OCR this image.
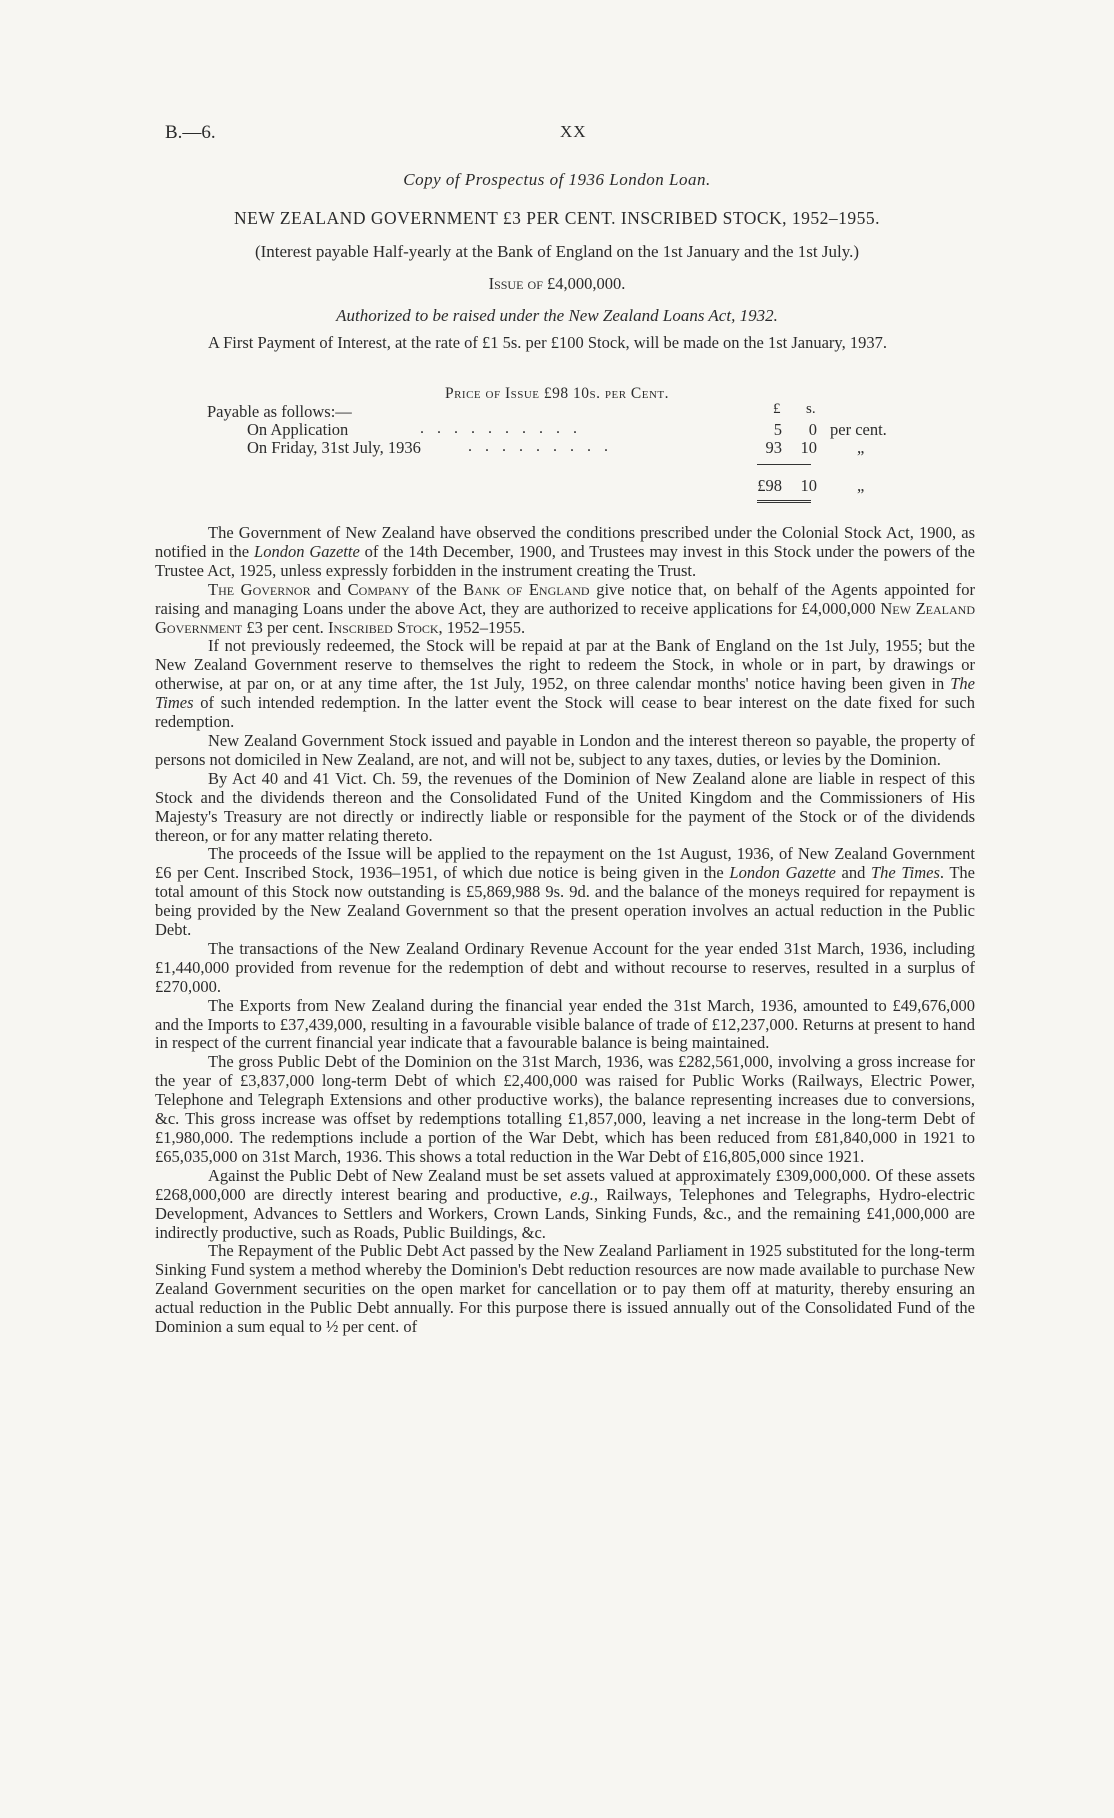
B.—6.	XX
Copy of Prospectus of 1936 London Loan.
NEW ZEALAND GOVERNMENT £3 PER CENT. INSCRIBED STOCK, 1952–1955.
(Interest payable Half-yearly at the Bank of England on the 1st January and the 1st July.)
Issue of £4,000,000.
Authorized to be raised under the New Zealand Loans Act, 1932.

A First Payment of Interest, at the rate of £1 5s. per £100 Stock, will be made on the 1st January, 1937.

Price of Issue £98 10s. per Cent.
Payable as follows:—	£ s.
On Application	..........	5	0 per cent.
On Friday, 31st July, 1936	.........	93	10 „
£98	10 „

The Government of New Zealand have observed the conditions prescribed under the Colonial Stock Act, 1900, as notified in the London Gazette of the 14th December, 1900, and Trustees may invest in this Stock under the powers of the Trustee Act, 1925, unless expressly forbidden in the instrument creating the Trust.

The Governor and Company of the Bank of England give notice that, on behalf of the Agents appointed for raising and managing Loans under the above Act, they are authorized to receive applications for £4,000,000 New Zealand Government £3 per cent. Inscribed Stock, 1952–1955.

If not previously redeemed, the Stock will be repaid at par at the Bank of England on the 1st July, 1955; but the New Zealand Government reserve to themselves the right to redeem the Stock, in whole or in part, by drawings or otherwise, at par on, or at any time after, the 1st July, 1952, on three calendar months' notice having been given in The Times of such intended redemption. In the latter event the Stock will cease to bear interest on the date fixed for such redemption.

New Zealand Government Stock issued and payable in London and the interest thereon so payable, the property of persons not domiciled in New Zealand, are not, and will not be, subject to any taxes, duties, or levies by the Dominion.

By Act 40 and 41 Vict. Ch. 59, the revenues of the Dominion of New Zealand alone are liable in respect of this Stock and the dividends thereon and the Consolidated Fund of the United Kingdom and the Commissioners of His Majesty's Treasury are not directly or indirectly liable or responsible for the payment of the Stock or of the dividends thereon, or for any matter relating thereto.

The proceeds of the Issue will be applied to the repayment on the 1st August, 1936, of New Zealand Government £6 per Cent. Inscribed Stock, 1936–1951, of which due notice is being given in the London Gazette and The Times. The total amount of this Stock now outstanding is £5,869,988 9s. 9d. and the balance of the moneys required for repayment is being provided by the New Zealand Government so that the present operation involves an actual reduction in the Public Debt.

The transactions of the New Zealand Ordinary Revenue Account for the year ended 31st March, 1936, including £1,440,000 provided from revenue for the redemption of debt and without recourse to reserves, resulted in a surplus of £270,000.

The Exports from New Zealand during the financial year ended the 31st March, 1936, amounted to £49,676,000 and the Imports to £37,439,000, resulting in a favourable visible balance of trade of £12,237,000. Returns at present to hand in respect of the current financial year indicate that a favourable balance is being maintained.

The gross Public Debt of the Dominion on the 31st March, 1936, was £282,561,000, involving a gross increase for the year of £3,837,000 long-term Debt of which £2,400,000 was raised for Public Works (Railways, Electric Power, Telephone and Telegraph Extensions and other productive works), the balance representing increases due to conversions, &c. This gross increase was offset by redemptions totalling £1,857,000, leaving a net increase in the long-term Debt of £1,980,000. The redemptions include a portion of the War Debt, which has been reduced from £81,840,000 in 1921 to £65,035,000 on 31st March, 1936. This shows a total reduction in the War Debt of £16,805,000 since 1921.

Against the Public Debt of New Zealand must be set assets valued at approximately £309,000,000. Of these assets £268,000,000 are directly interest bearing and productive, e.g., Railways, Telephones and Telegraphs, Hydro-electric Development, Advances to Settlers and Workers, Crown Lands, Sinking Funds, &c., and the remaining £41,000,000 are indirectly productive, such as Roads, Public Buildings, &c.

The Repayment of the Public Debt Act passed by the New Zealand Parliament in 1925 substituted for the long-term Sinking Fund system a method whereby the Dominion's Debt reduction resources are now made available to purchase New Zealand Government securities on the open market for cancellation or to pay them off at maturity, thereby ensuring an actual reduction in the Public Debt annually. For this purpose there is issued annually out of the Consolidated Fund of the Dominion a sum equal to ½ per cent. of
